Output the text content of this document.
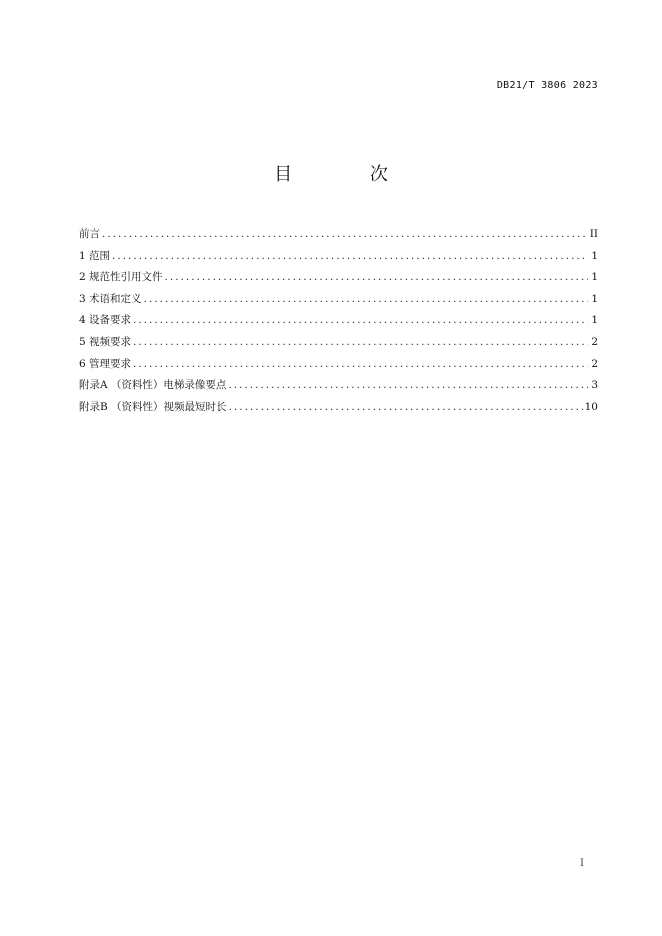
DB21/T 3806 2023
目 次
前言 .....	II
1 范围 .....	1
2 规范性引用文件 .....	1
3 术语和定义 .....	1
4 设备要求 .....	1
5 视频要求 .....	2
6 管理要求 .....	2
附录A （资料性）电梯录像要点 .....	3
附录B （资料性）视频最短时长 .....	10
I
